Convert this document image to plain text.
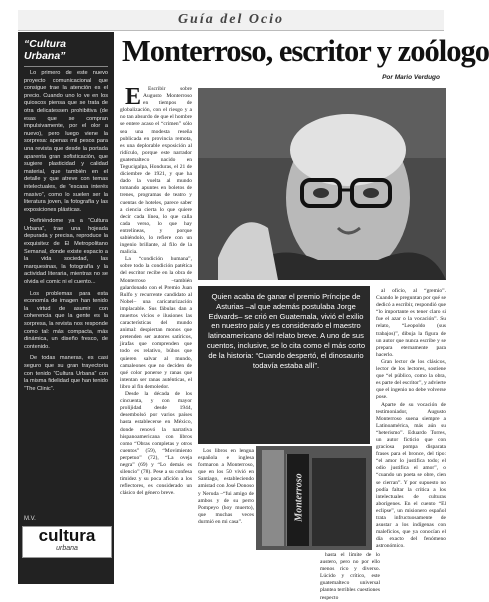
Guía del Ocio
“Cultura Urbana”

Lo primero de este nuevo proyecto comunicacional que consigue trae la atención es el precio. Cuando uno lo ve en los quioscos piensa que se trata de otra delicatessen prohibitiva (de esas que se compran impulsivamente, por el olor a nuevo), pero luego viene la sorpresa: apenas mil pesos para una revista que desde la portada aparenta gran sofisticación, que sugiere plasticidad y calidad material, que también en el detalle y que atreve con temas intelectuales, de “escasa interés masivo”, como lo suelen ser la literatura joven, la fotografía y las exposiciones plásticas.

Refiriéndome ya a “Cultura Urbana”, trae una hojeada depurada y precisa, reproduce la exquisitez de El Metropolitano Semanal, donde existe espacio a la vida sociedad, las marquesinas, la fotografía y la actividad literaria, mientras no se olvida el comic ni el cuento...

Los problemas para esta economía de imagen han tenido la virtud de asumir con coherencia que la gente es la sorpresa, la revista nos responde como tal: más compacta, más dinámica, un diseño fresco, de contenido.

De todas maneras, es casi seguro que su gran trayectoria con tenido “Cultura Urbana” con la misma fidelidad que han tenido “The Clinic”.

M.V.
cultura
urbana
Monterroso, escritor y zoólogo
Por Mario Verdugo

E Escribir sobre Augusto Monterroso en tiempos de globalización, con el riesgo y a no tan absurdo de que el hombre se entere acaso el “crimen” sólo sea una modesta reseña publicada en provincia remota, es una deplorable exposición al ridículo, porque este narrador guatemalteco nacido en Tegucigalpa, Honduras, el 21 de diciembre de 1921, y que ha dado la vuelta al mundo tomando apuntes en boletos de trenes, programas de teatro y cuentas de hoteles, parece saber a ciencia cierta lo que quiere decir cada línea, lo que calla cada verso, lo que hay entrelíneas, y porque sabiéndolo, lo refiere con un ingenio brillante, al filo de la malicia.

La “condición humana”, sobre todo la condición patética del escritor recibe en la obra de Monterroso –también galardonado con el Premio Juan Rulfo y recurrente candidato al Nobel– una caricaturización implacable. Sus fábulas dan a muertos vicios e ilusiones las características del mundo animal: despiertan monos que pretenden ser autores satíricos, jirafas que comprenden que todo es relativo, búhos que quieren salvar al mundo, camaleones que no deciden de qué color ponerse y ranas que intentan ser ranas auténticas, el libro al fin demoledor.

Desde la década de los cincuenta, y con mayor prolijidad desde 1944, desembolsó por varios países hasta establecerse en México, donde renovó la narrativa hispanoamericana con libros como “Obras completas y otros cuentos” (59), “Movimiento perpetuo” (72), “La oveja negra” (69) y “Lo demás es silencio” (78). Pese a su confesa timidez y su poca afición a los reflectores, es considerado un clásico del género breve.

Quien acaba de ganar el premio Príncipe de Asturias –al que además postulaba Jorge Edwards– se crió en Guatemala, vivió el exilio en nuestro país y es considerado el maestro latinoamericano del relato breve. A uno de sus cuentos, inclusive, se lo cita como el más corto de la historia: “Cuando despertó, el dinosaurio todavía estaba allí”.

Los libros en lengua española e inglesa formaron a Monterroso, que en los 50 vivió en Santiago, estableciendo amistad con José Donoso y Neruda –“fui amigo de ambos y de su perro Pompeyo (hoy muerto), que muchas veces durmió en mi casa”.

Monterroso

hasta el límite de lo austero, pero no por ello menos rico y diverso. Lúcido y crítico, este guatemalteco universal plantea terribles cuestiones respecto

al oficio, al “gremio”. Cuando le preguntan por qué se dedicó a escribir, respondió que “lo importante es tener claro si fue el azar o la vocación”. Su relato, “Leopoldo (sus trabajos)”, dibuja la figura de un autor que nunca escribe y se prepara eternamente para hacerlo.

Gran lector de los clásicos, lector de los lectores, sostiene que “el público, como la obra, es parte del escritor”, y advierte que el ingenio no debe volverse pose.

Aparte de su vocación de testimoniador, Augusto Monterroso suena siempre a Latinoamérica, más aún su “heterismo”. Eduardo Torres, un autor ficticio que con graciosa pompa disparata frases para el bronce, del tipo: “el amor lo justifica todo; el odio justifica el amor”, o “cuando un poeta se obre, cien se cierran”. Y por supuesto no podía faltar la crítica a los intelectuales de culturas aborígenes. En el cuento “El eclipse”, un misionero español trata infructuosamente de asustar a los indígenas con maleficios, que ya conocían el día exacto del fenómeno astronómico.
